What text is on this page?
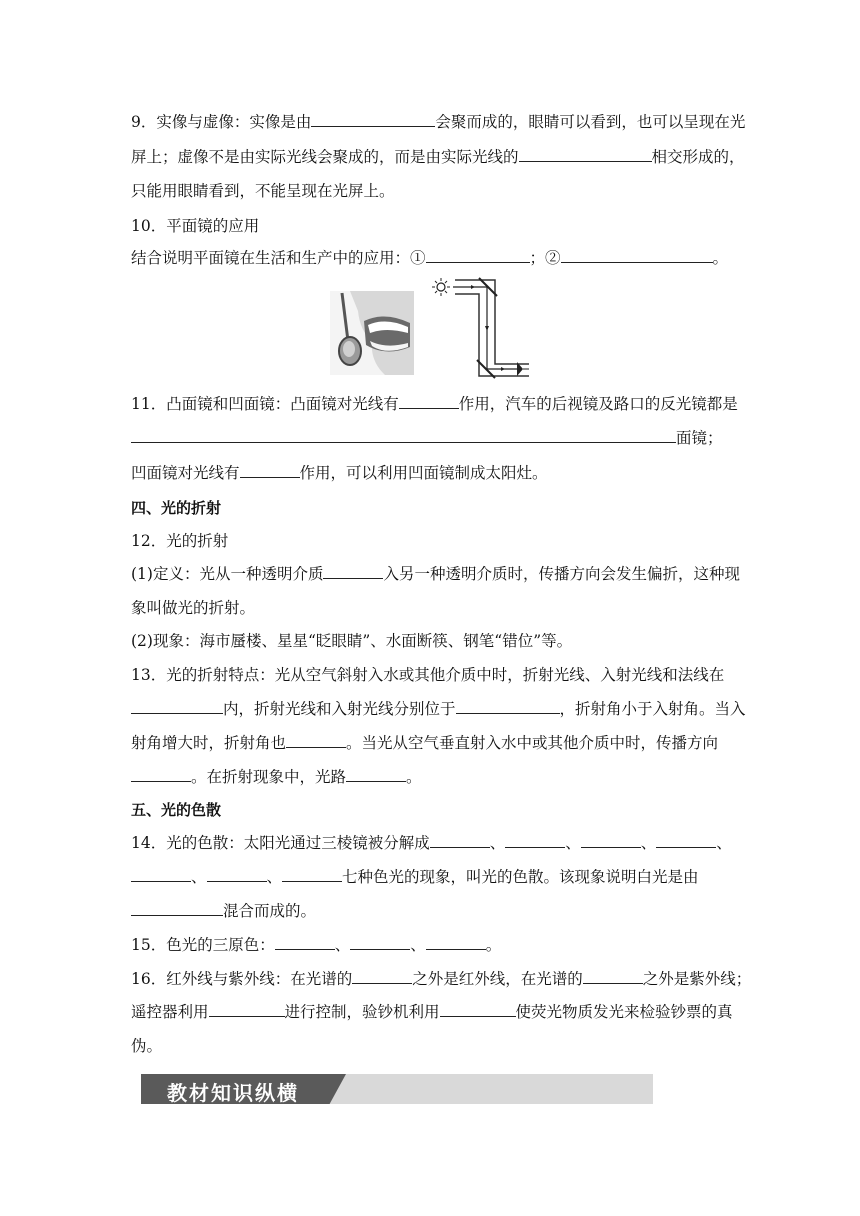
9．实像与虚像：实像是由	会聚而成的，眼睛可以看到，也可以呈现在光
屏上；虚像不是由实际光线会聚成的，而是由实际光线的	相交形成的，
只能用眼睛看到，不能呈现在光屏上。
10．平面镜的应用
结合说明平面镜在生活和生产中的应用：①	；②	。
11．凸面镜和凹面镜：凸面镜对光线有	作用，汽车的后视镜及路口的反光镜都是
面镜；
凹面镜对光线有	作用，可以利用凹面镜制成太阳灶。
四、光的折射
12．光的折射
(1)定义：光从一种透明介质	入另一种透明介质时，传播方向会发生偏折，这种现
象叫做光的折射。
(2)现象：海市蜃楼、星星“眨眼睛”、水面断筷、钢笔“错位”等。
13．光的折射特点：光从空气斜射入水或其他介质中时，折射光线、入射光线和法线在
内，折射光线和入射光线分别位于	，折射角小于入射角。当入
射角增大时，折射角也	。当光从空气垂直射入水中或其他介质中时，传播方向
。在折射现象中，光路	。
五、光的色散
14．光的色散：太阳光通过三棱镜被分解成	、	、	、	、
、	、	七种色光的现象，叫光的色散。该现象说明白光是由
混合而成的。
15．色光的三原色：	、	、	。
16．红外线与紫外线：在光谱的	之外是红外线，在光谱的	之外是紫外线；
遥控器利用	进行控制，验钞机利用	使荧光物质发光来检验钞票的真
伪。
教材知识纵横
